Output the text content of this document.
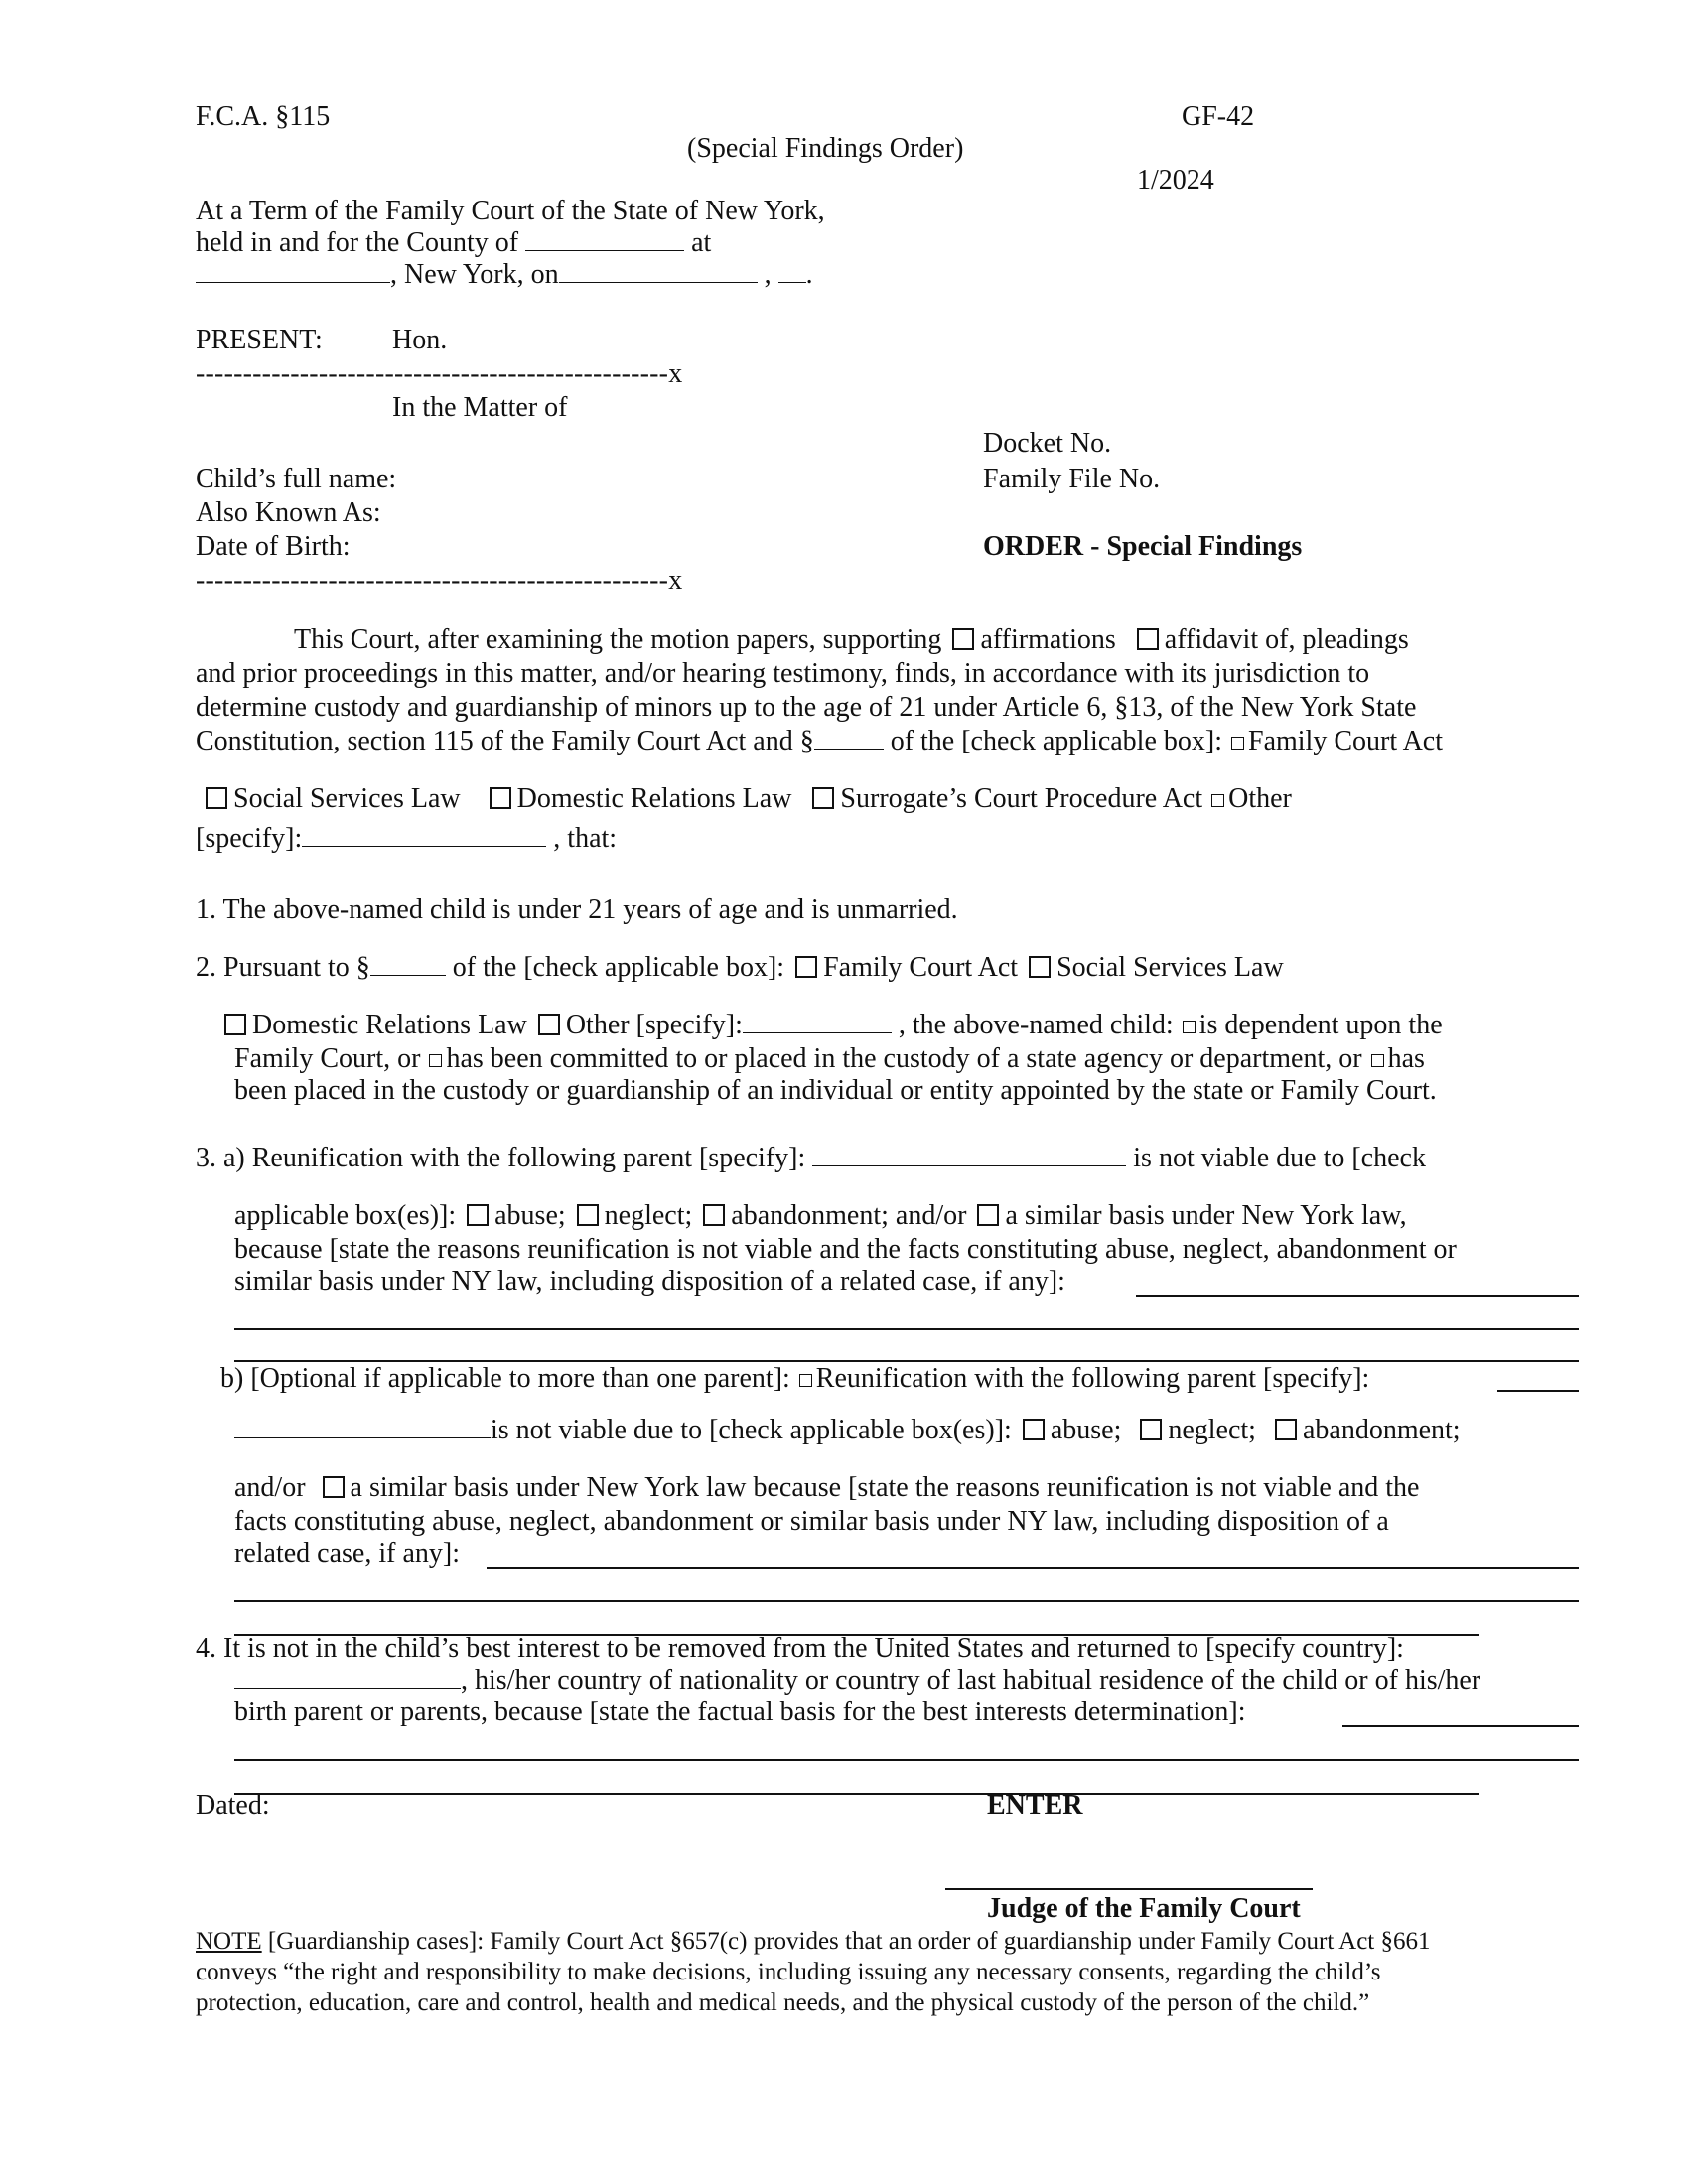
F.C.A. §115	GF-42
(Special Findings Order)
1/2024
At a Term of the Family Court of the State of New York,
held in and for the County of	at
, New York, on	, .
PRESENT:	Hon.
--------------------------------------------------x
In the Matter of
Docket No.
Family File No.
Child’s full name:
Also Known As:
Date of Birth:	ORDER - Special Findings
--------------------------------------------------x
This Court, after examining the motion papers, supporting affirmations affidavit of, pleadings
and prior proceedings in this matter, and/or hearing testimony, finds, in accordance with its jurisdiction to
determine custody and guardianship of minors up to the age of 21 under Article 6, §13, of the New York State
Constitution, section 115 of the Family Court Act and §	of the [check applicable box]: Family Court Act
Social Services Law Domestic Relations Law Surrogate’s Court Procedure Act Other
[specify]:	, that:
1. The above-named child is under 21 years of age and is unmarried.
2. Pursuant to §	of the [check applicable box]: Family Court Act Social Services Law
Domestic Relations Law Other [specify]:	, the above-named child: is dependent upon the
Family Court, or has been committed to or placed in the custody of a state agency or department, or has
been placed in the custody or guardianship of an individual or entity appointed by the state or Family Court.
3. a) Reunification with the following parent [specify]:	is not viable due to [check
applicable box(es)]: abuse; neglect; abandonment; and/or a similar basis under New York law,
because [state the reasons reunification is not viable and the facts constituting abuse, neglect, abandonment or
similar basis under NY law, including disposition of a related case, if any]:
b) [Optional if applicable to more than one parent]: Reunification with the following parent [specify]:
is not viable due to [check applicable box(es)]: abuse; neglect; abandonment;
and/or a similar basis under New York law because [state the reasons reunification is not viable and the
facts constituting abuse, neglect, abandonment or similar basis under NY law, including disposition of a
related case, if any]:
4. It is not in the child’s best interest to be removed from the United States and returned to [specify country]:
, his/her country of nationality or country of last habitual residence of the child or of his/her
birth parent or parents, because [state the factual basis for the best interests determination]:
Dated:	ENTER
Judge of the Family Court
NOTE [Guardianship cases]: Family Court Act §657(c) provides that an order of guardianship under Family Court Act §661
conveys “the right and responsibility to make decisions, including issuing any necessary consents, regarding the child’s
protection, education, care and control, health and medical needs, and the physical custody of the person of the child.”
